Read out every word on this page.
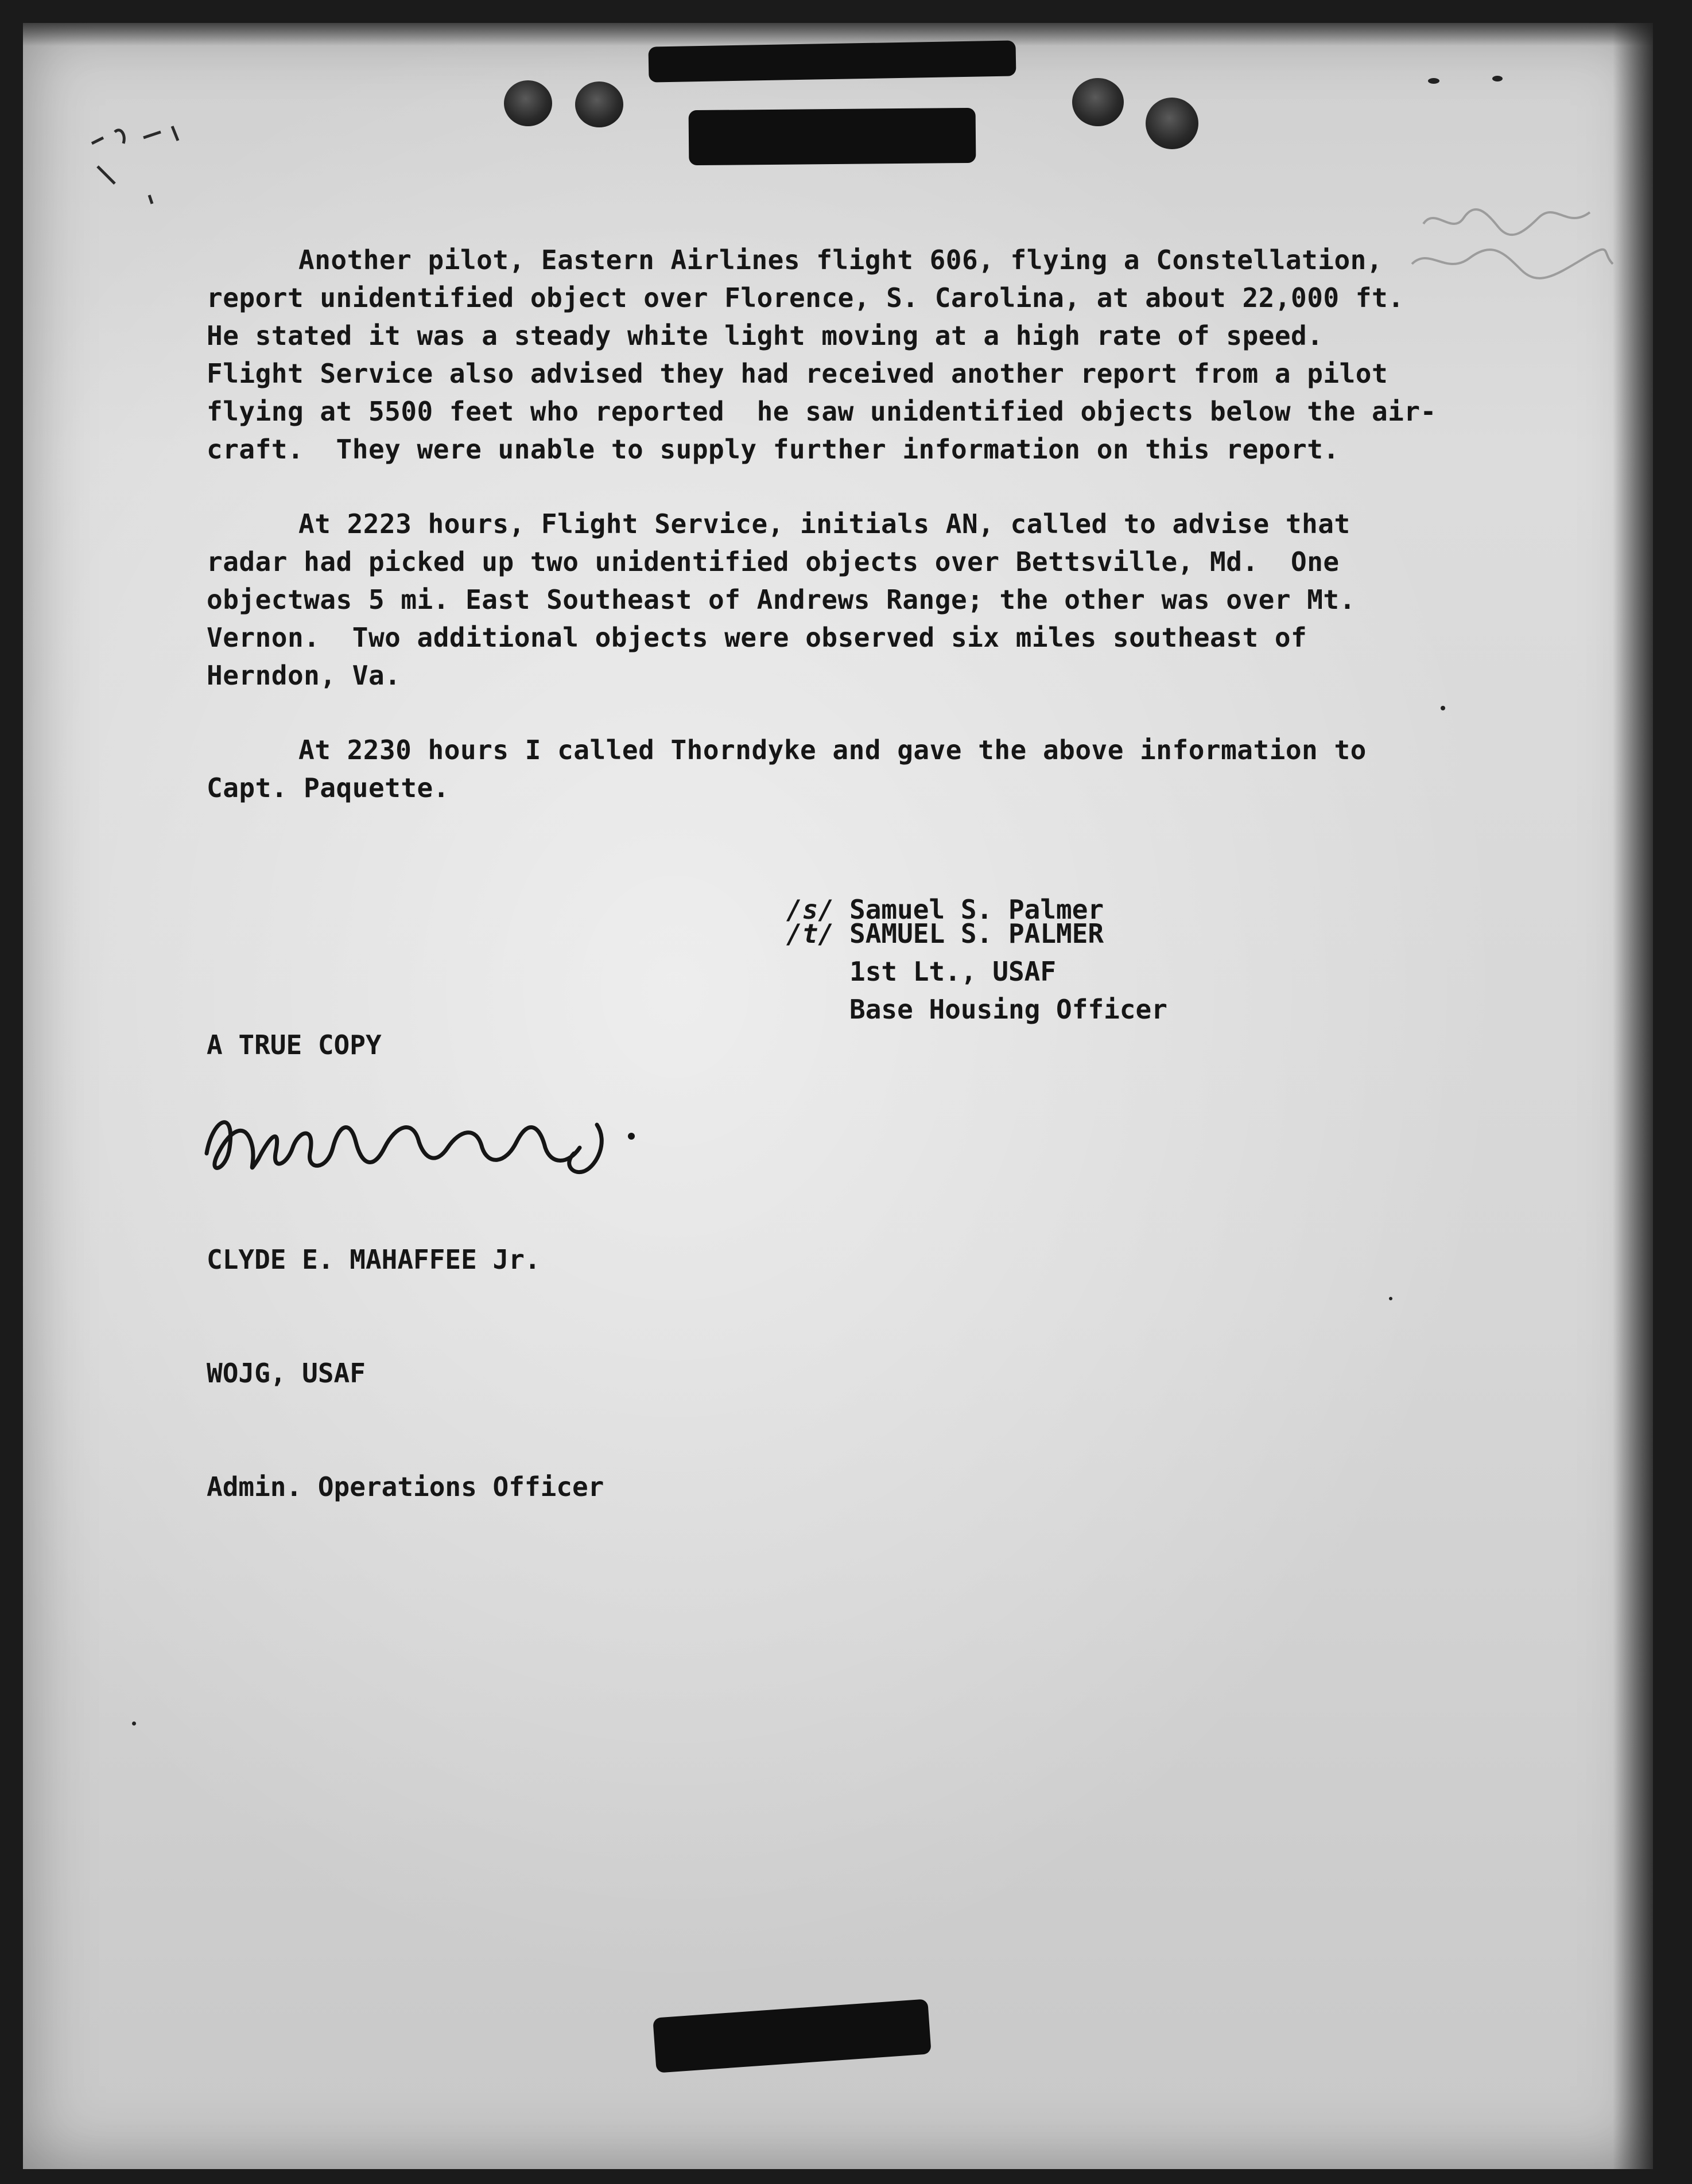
Another pilot, Eastern Airlines flight 606, flying a Constellation,
report unidentified object over Florence, S. Carolina, at about 22,000 ft.
He stated it was a steady white light moving at a high rate of speed.
Flight Service also advised they had received another report from a pilot
flying at 5500 feet who reported  he saw unidentified objects below the air-
craft.  They were unable to supply further information on this report.

At 2223 hours, Flight Service, initials AN, called to advise that
radar had picked up two unidentified objects over Bettsville, Md.  One
objectwas 5 mi. East Southeast of Andrews Range; the other was over Mt.
Vernon.  Two additional objects were observed six miles southeast of
Herndon, Va.

At 2230 hours I called Thorndyke and gave the above information to
Capt. Paquette.

/s/ Samuel S. Palmer
/t/ SAMUEL S. PALMER
1st Lt., USAF
Base Housing Officer
A TRUE COPY

CLYDE E. MAHAFFEE Jr.

WOJG, USAF

Admin. Operations Officer
